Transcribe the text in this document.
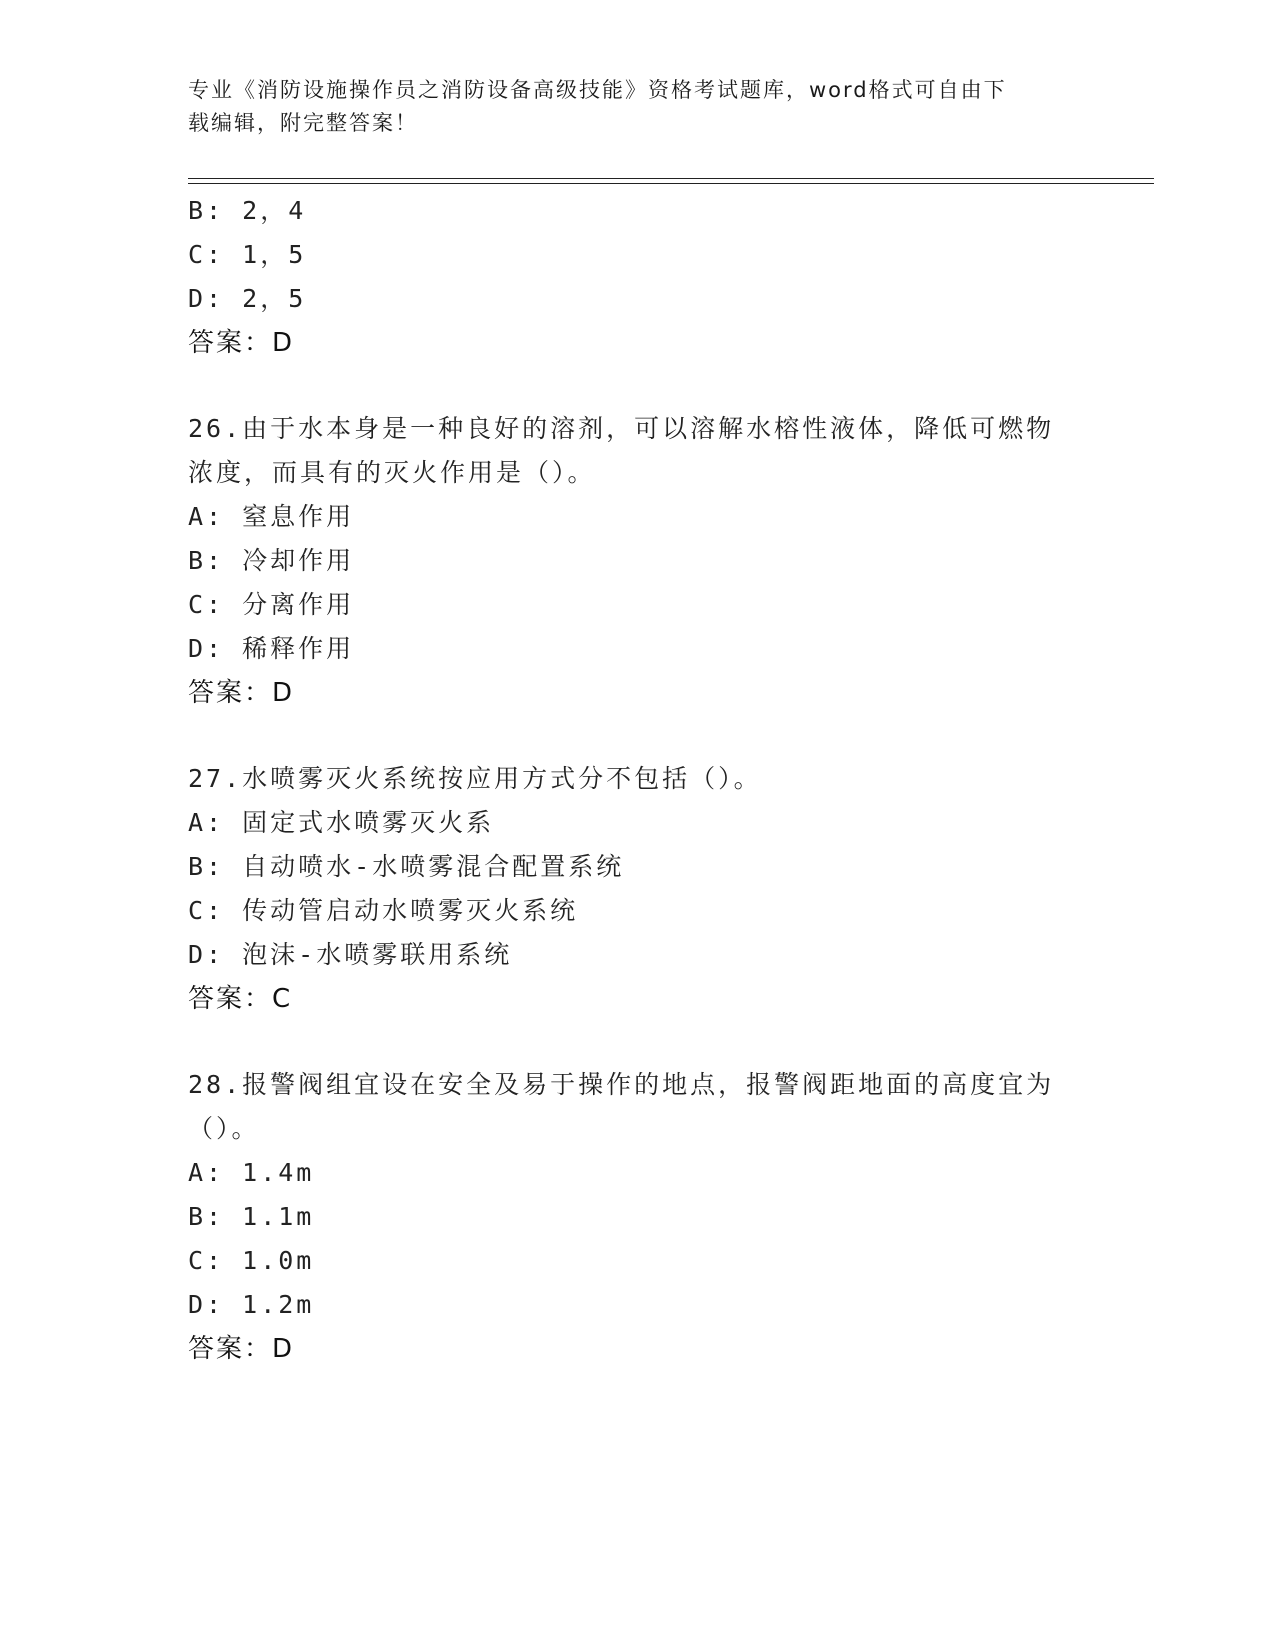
专业《消防设施操作员之消防设备高级技能》资格考试题库，word格式可自由下
载编辑，附完整答案！
B: 2，4
C: 1，5
D: 2，5
答案：D
26.由于水本身是一种良好的溶剂，可以溶解水榕性液体，降低可燃物
浓度，而具有的灭火作用是（）。
A: 窒息作用
B: 冷却作用
C: 分离作用
D: 稀释作用
答案：D
27.水喷雾灭火系统按应用方式分不包括（）。
A: 固定式水喷雾灭火系
B: 自动喷水-水喷雾混合配置系统
C: 传动管启动水喷雾灭火系统
D: 泡沫-水喷雾联用系统
答案：C
28.报警阀组宜设在安全及易于操作的地点，报警阀距地面的高度宜为
（）。
A: 1.4m
B: 1.1m
C: 1.0m
D: 1.2m
答案：D
